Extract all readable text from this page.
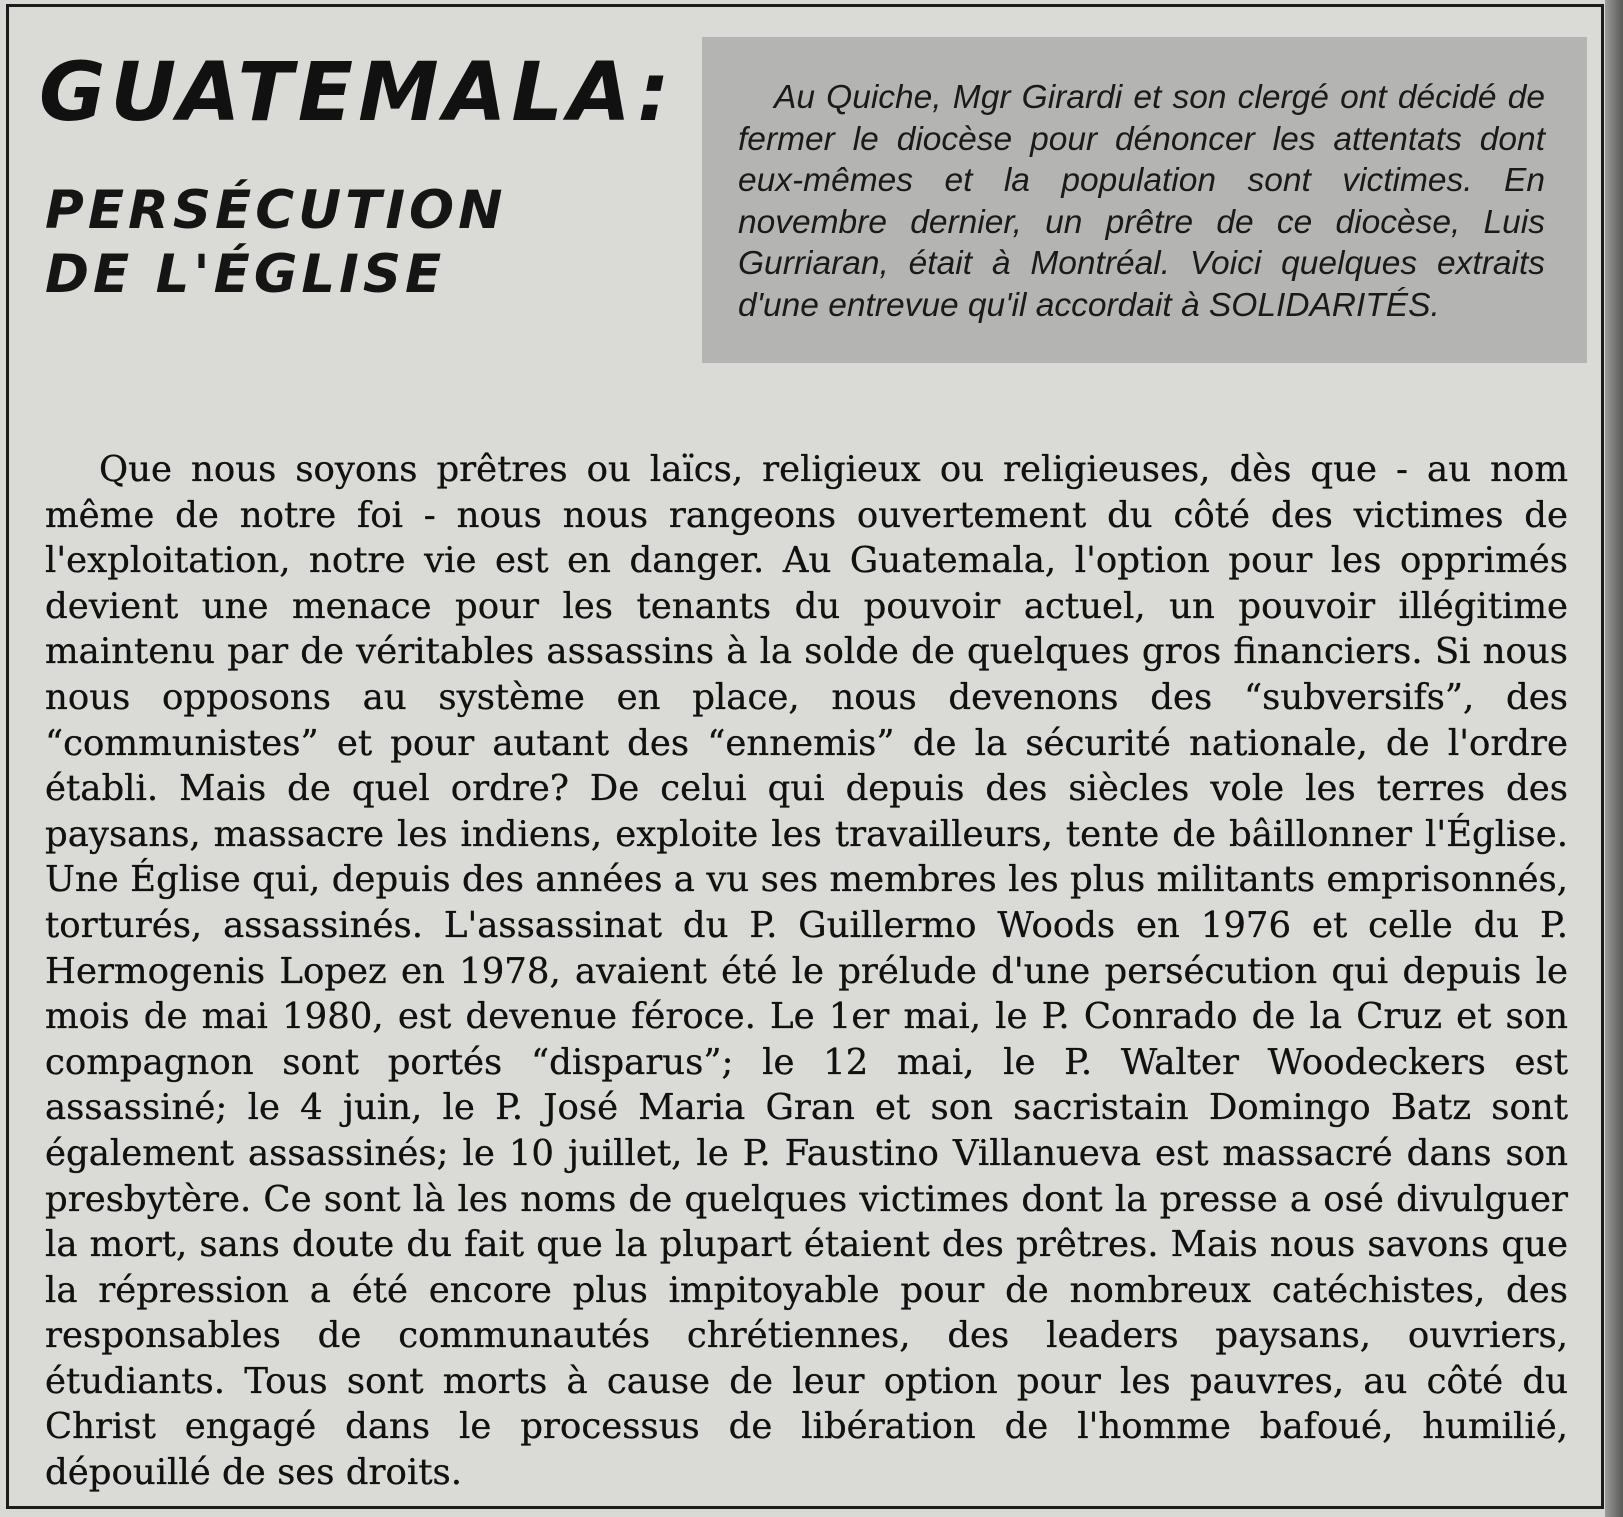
GUATEMALA:
PERSÉCUTION
DE L'ÉGLISE

Au Quiche, Mgr Girardi et son clergé ont décidé de fermer le diocèse pour dénoncer les attentats dont eux-mêmes et la population sont victimes. En novembre dernier, un prêtre de ce diocèse, Luis Gurriaran, était à Montréal. Voici quelques extraits d'une entrevue qu'il accordait à SOLIDARITÉS.

Que nous soyons prêtres ou laïcs, religieux ou religieuses, dès que - au nom même de notre foi - nous nous rangeons ouvertement du côté des victimes de l'exploitation, notre vie est en danger. Au Guatemala, l'option pour les opprimés devient une menace pour les tenants du pouvoir actuel, un pouvoir illégitime maintenu par de véritables assassins à la solde de quelques gros financiers. Si nous nous opposons au système en place, nous devenons des “subversifs”, des “communistes” et pour autant des “ennemis” de la sécurité nationale, de l'ordre établi. Mais de quel ordre? De celui qui depuis des siècles vole les terres des paysans, massacre les indiens, exploite les travailleurs, tente de bâillonner l'Église. Une Église qui, depuis des années a vu ses membres les plus militants emprisonnés, torturés, assassinés. L'assassinat du P. Guillermo Woods en 1976 et celle du P. Hermogenis Lopez en 1978, avaient été le prélude d'une persécution qui depuis le mois de mai 1980, est devenue féroce. Le 1er mai, le P. Conrado de la Cruz et son compagnon sont portés “disparus”; le 12 mai, le P. Walter Woodeckers est assassiné; le 4 juin, le P. José Maria Gran et son sacristain Domingo Batz sont également assassinés; le 10 juillet, le P. Faustino Villanueva est massacré dans son presbytère. Ce sont là les noms de quelques victimes dont la presse a osé divulguer la mort, sans doute du fait que la plupart étaient des prêtres. Mais nous savons que la répression a été encore plus impitoyable pour de nombreux catéchistes, des responsables de communautés chrétiennes, des leaders paysans, ouvriers, étudiants. Tous sont morts à cause de leur option pour les pauvres, au côté du Christ engagé dans le processus de libération de l'homme bafoué, humilié, dépouillé de ses droits.
